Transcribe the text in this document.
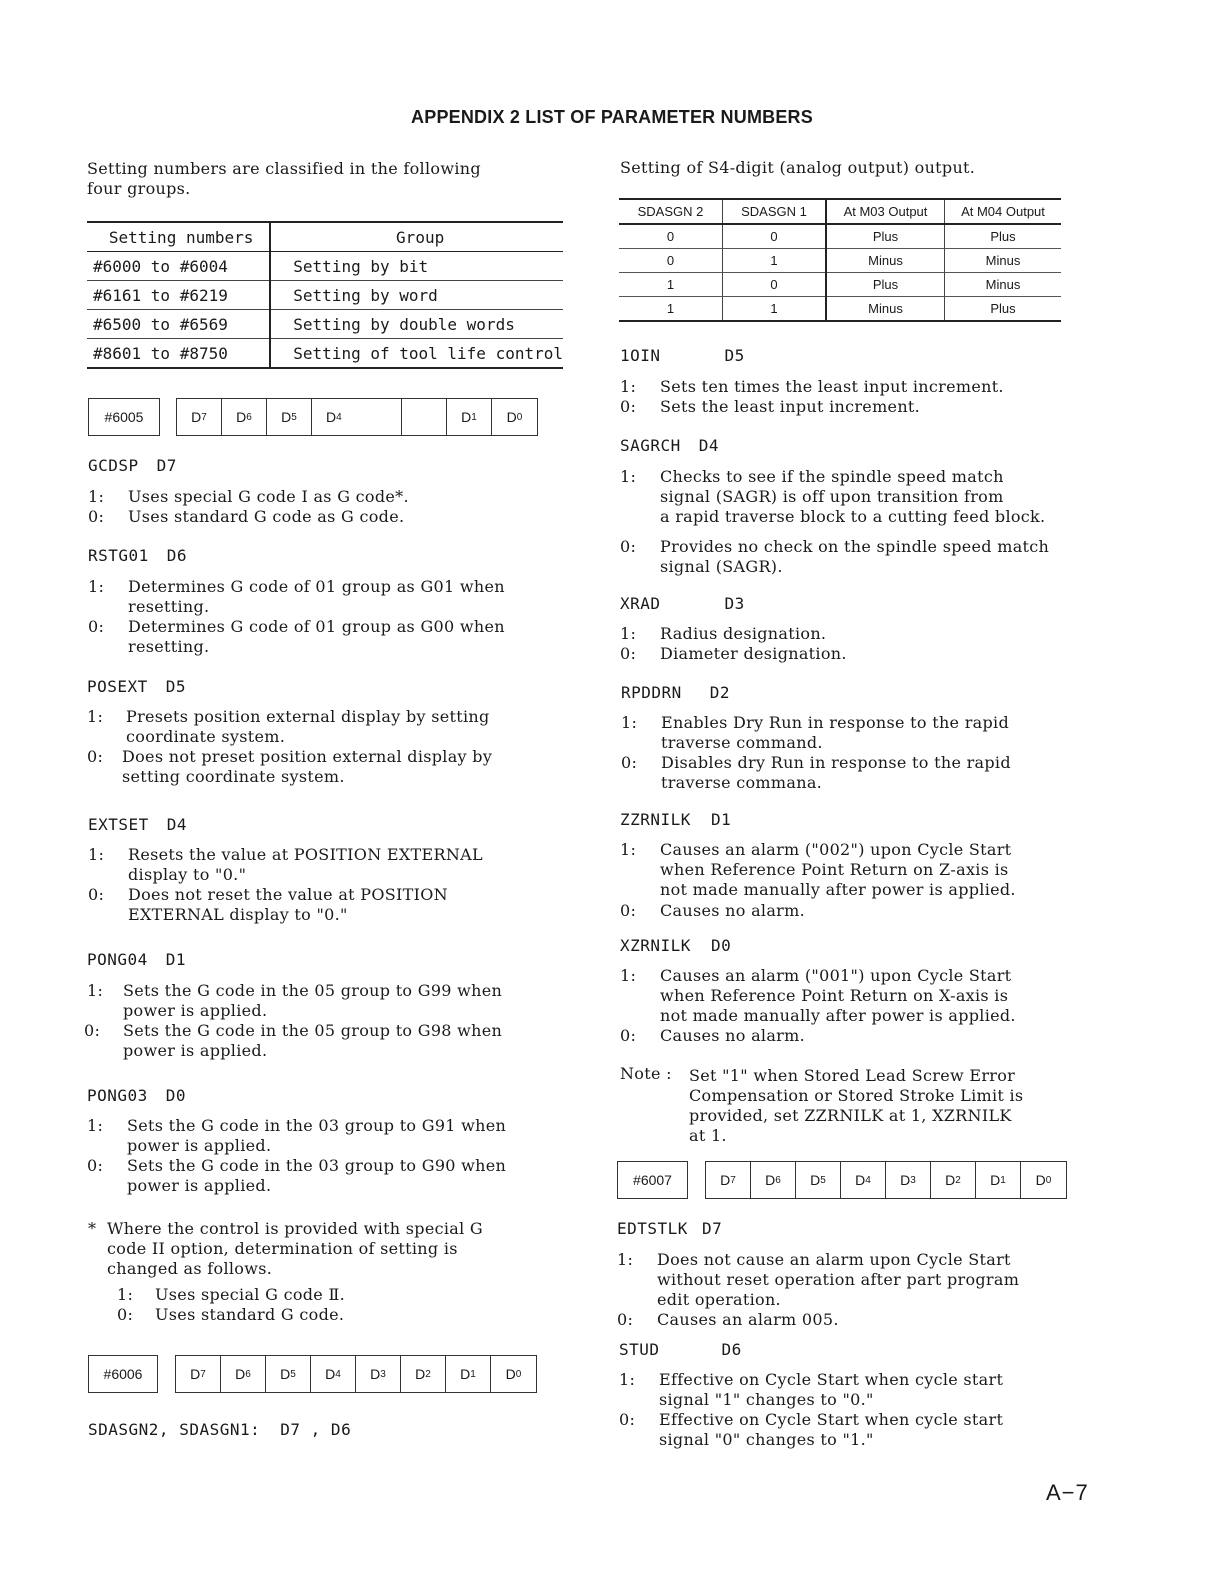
APPENDIX 2 LIST OF PARAMETER NUMBERS
Setting numbers are classified in the following
four groups.
Setting numbers	Group
#6000 to #6004	Setting by bit
#6161 to #6219	Setting by word
#6500 to #6569	Setting by double words
#8601 to #8750	Setting of tool life control
#6005	D 7 D 6 D 5 D 4	D 1 D 0
GCDSP D7
1: Uses special G code I as G code*.
0: Uses standard G code as G code.
RSTG01 D6
1: Determines G code of 01 group as G01 when
resetting.
0: Determines G code of 01 group as G00 when
resetting.
POSEXT D5
1: Presets position external display by setting
coordinate system.
0: Does not preset position external display by
setting coordinate system.
EXTSET D4
1: Resets the value at POSITION EXTERNAL
display to "0."
0: Does not reset the value at POSITION
EXTERNAL display to "0."
PONG04 D1
1: Sets the G code in the 05 group to G99 when
power is applied.
0: Sets the G code in the 05 group to G98 when
power is applied.
PONG03 D0
1: Sets the G code in the 03 group to G91 when
power is applied.
0: Sets the G code in the 03 group to G90 when
power is applied.
* Where the control is provided with special G
code II option, determination of setting is
changed as follows.
1: Uses special G code Ⅱ.
0: Uses standard G code.
#6006	D 7 D 6 D 5 D 4 D 3 D 2 D 1 D 0
SDASGN2, SDASGN1: D7 , D6
Setting of S4-digit (analog output) output.
SDASGN 2	SDASGN 1	At M03 Output	At M04 Output
0	0	Plus	Plus
0	1	Minus	Minus
1	0	Plus	Minus
1	1	Minus	Plus
1OIN	D5
1: Sets ten times the least input increment.
0: Sets the least input increment.
SAGRCH D4
1: Checks to see if the spindle speed match
signal (SAGR) is off upon transition from
a rapid traverse block to a cutting feed block.
0: Provides no check on the spindle speed match
signal (SAGR).
XRAD	D3
1: Radius designation.
0: Diameter designation.
RPDDRN D2
1: Enables Dry Run in response to the rapid
traverse command.
0: Disables dry Run in response to the rapid
traverse commana.
ZZRNILK D1
1: Causes an alarm ("002") upon Cycle Start
when Reference Point Return on Z-axis is
not made manually after power is applied.
0: Causes no alarm.
XZRNILK D0
1: Causes an alarm ("001") upon Cycle Start
when Reference Point Return on X-axis is
not made manually after power is applied.
0: Causes no alarm.
Note : Set "1" when Stored Lead Screw Error
Compensation or Stored Stroke Limit is
provided, set ZZRNILK at 1, XZRNILK
at 1.
#6007	D 7 D 6 D 5 D 4 D 3 D 2 D 1 D 0
EDTSTLK D7
1: Does not cause an alarm upon Cycle Start
without reset operation after part program
edit operation.
0: Causes an alarm 005.
STUD	D6
1: Effective on Cycle Start when cycle start
signal "1" changes to "0."
0: Effective on Cycle Start when cycle start
signal "0" changes to "1."
A−7
